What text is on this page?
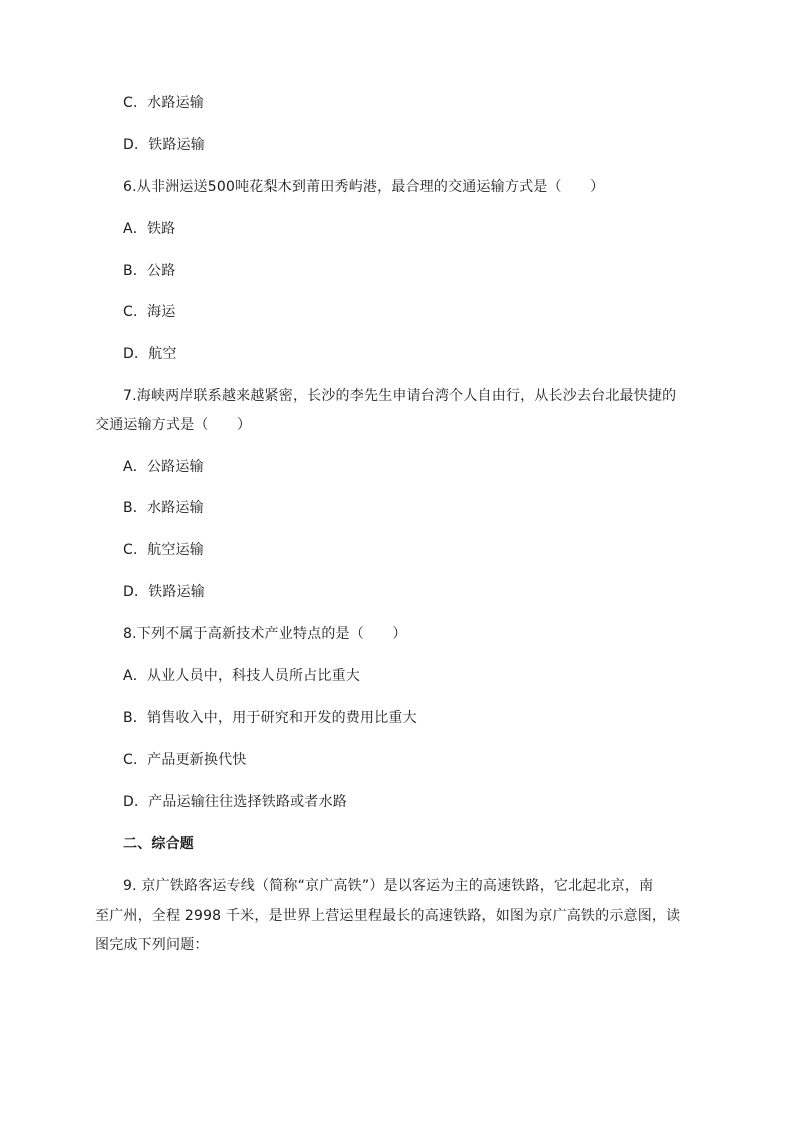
C．水路运输
D．铁路运输
6.从非洲运送500吨花梨木到莆田秀屿港，最合理的交通运输方式是（　　）
A．铁路
B．公路
C．海运
D．航空
7.海峡两岸联系越来越紧密，长沙的李先生申请台湾个人自由行，从长沙去台北最快捷的
交通运输方式是（　　）
A．公路运输
B．水路运输
C．航空运输
D．铁路运输
8.下列不属于高新技术产业特点的是（　　）
A．从业人员中，科技人员所占比重大
B．销售收入中，用于研究和开发的费用比重大
C．产品更新换代快
D．产品运输往往选择铁路或者水路
二、综合题
9. 京广铁路客运专线（简称“京广高铁”）是以客运为主的高速铁路，它北起北京，南
至广州，全程 2998 千米，是世界上营运里程最长的高速铁路，如图为京广高铁的示意图，读
图完成下列问题：
